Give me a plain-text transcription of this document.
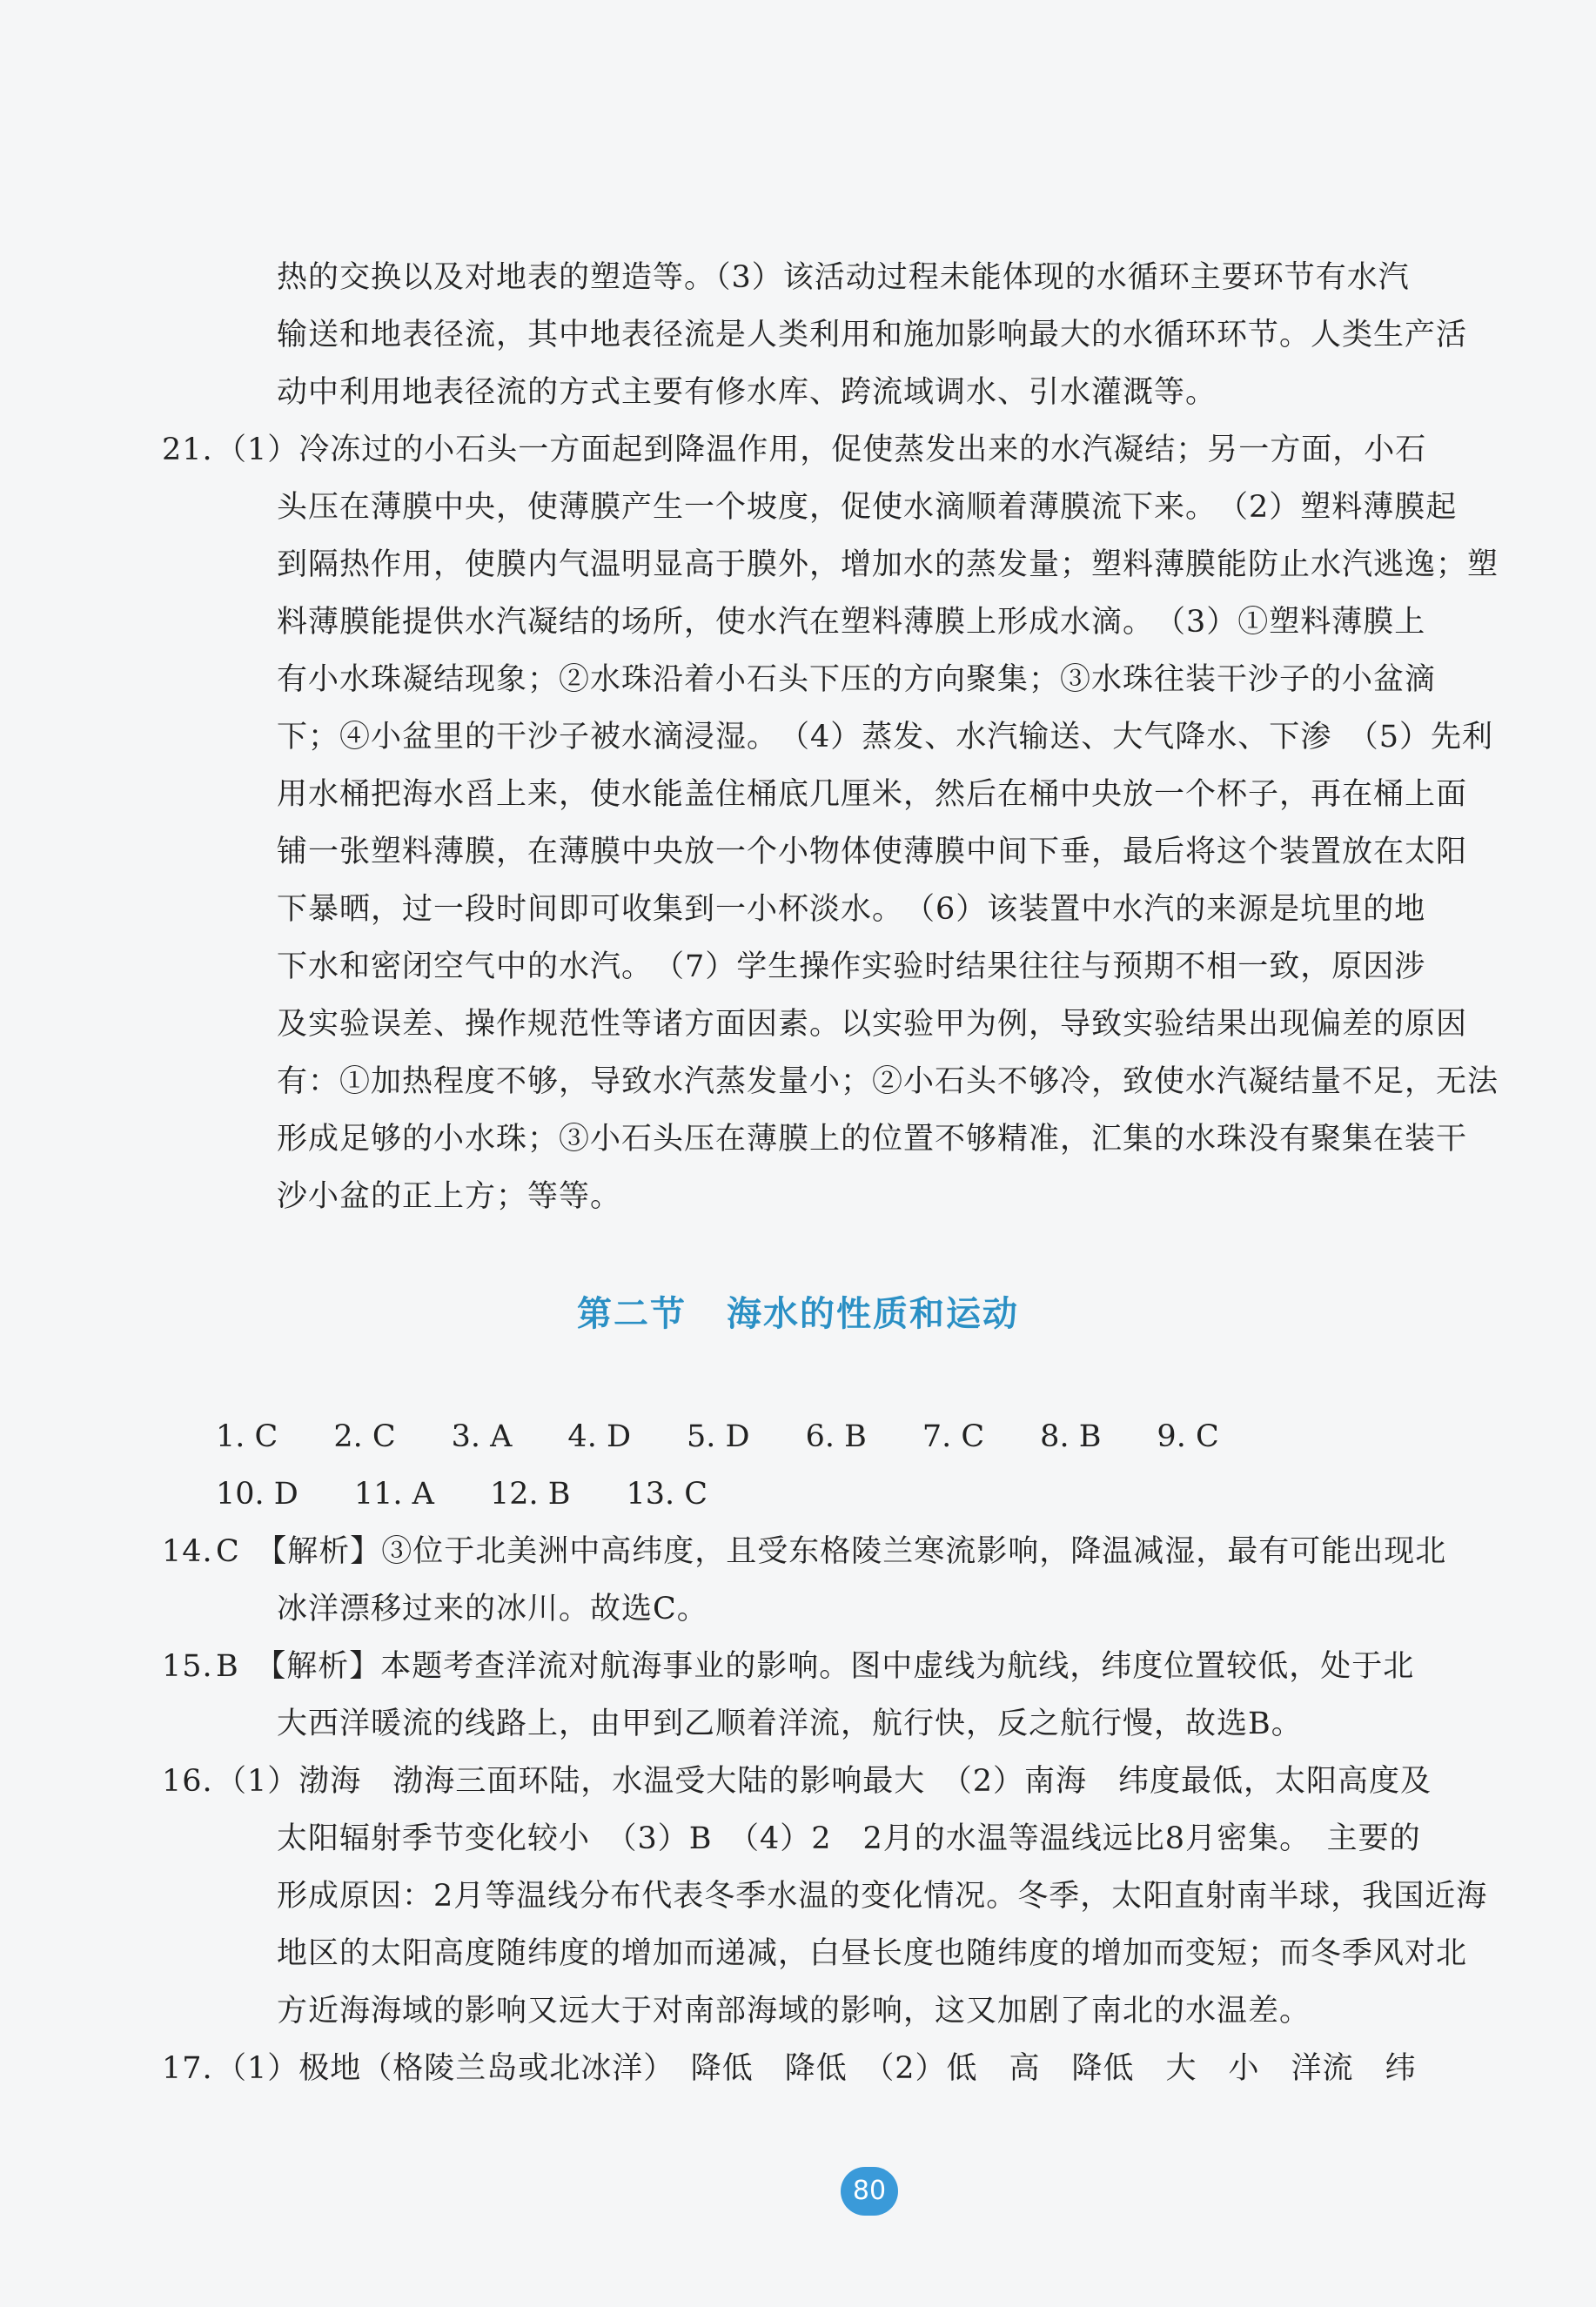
热的交换以及对地表的塑造等。（3）该活动过程未能体现的水循环主要环节有水汽
输送和地表径流，其中地表径流是人类利用和施加影响最大的水循环环节。人类生产活
动中利用地表径流的方式主要有修水库、跨流域调水、引水灌溉等。
21. （1）冷冻过的小石头一方面起到降温作用，促使蒸发出来的水汽凝结；另一方面，小石
头压在薄膜中央，使薄膜产生一个坡度，促使水滴顺着薄膜流下来。　（2）塑料薄膜起
到隔热作用，使膜内气温明显高于膜外，增加水的蒸发量；塑料薄膜能防止水汽逃逸；塑
料薄膜能提供水汽凝结的场所，使水汽在塑料薄膜上形成水滴。　（3）①塑料薄膜上
有小水珠凝结现象；②水珠沿着小石头下压的方向聚集；③水珠往装干沙子的小盆滴
下；④小盆里的干沙子被水滴浸湿。　（4）蒸发、水汽输送、大气降水、下渗　（5）先利
用水桶把海水舀上来，使水能盖住桶底几厘米，然后在桶中央放一个杯子，再在桶上面
铺一张塑料薄膜，在薄膜中央放一个小物体使薄膜中间下垂，最后将这个装置放在太阳
下暴晒，过一段时间即可收集到一小杯淡水。　（6）该装置中水汽的来源是坑里的地
下水和密闭空气中的水汽。　（7）学生操作实验时结果往往与预期不相一致，原因涉
及实验误差、操作规范性等诸方面因素。以实验甲为例，导致实验结果出现偏差的原因
有：①加热程度不够，导致水汽蒸发量小；②小石头不够冷，致使水汽凝结量不足，无法
形成足够的小水珠；③小石头压在薄膜上的位置不够精准，汇集的水珠没有聚集在装干
沙小盆的正上方；等等。
第二节 海水的性质和运动
1. C 2. C 3. A 4. D 5. D 6. B 7. C 8. B 9. C
10. D 11. A 12. B 13. C
14. C　【解析】③位于北美洲中高纬度，且受东格陵兰寒流影响，降温减湿，最有可能出现北
冰洋漂移过来的冰川。故选C。
15. B　【解析】本题考查洋流对航海事业的影响。图中虚线为航线，纬度位置较低，处于北
大西洋暖流的线路上，由甲到乙顺着洋流，航行快，反之航行慢，故选B。
16. （1）渤海　渤海三面环陆，水温受大陆的影响最大　（2）南海　纬度最低，太阳高度及
太阳辐射季节变化较小　（3）B　（4）2　2月的水温等温线远比8月密集。　主要的
形成原因：2月等温线分布代表冬季水温的变化情况。冬季，太阳直射南半球，我国近海
地区的太阳高度随纬度的增加而递减，白昼长度也随纬度的增加而变短；而冬季风对北
方近海海域的影响又远大于对南部海域的影响，这又加剧了南北的水温差。
17. （1）极地（格陵兰岛或北冰洋）　降低　降低　（2）低　高　降低　大　小　洋流　纬
80
